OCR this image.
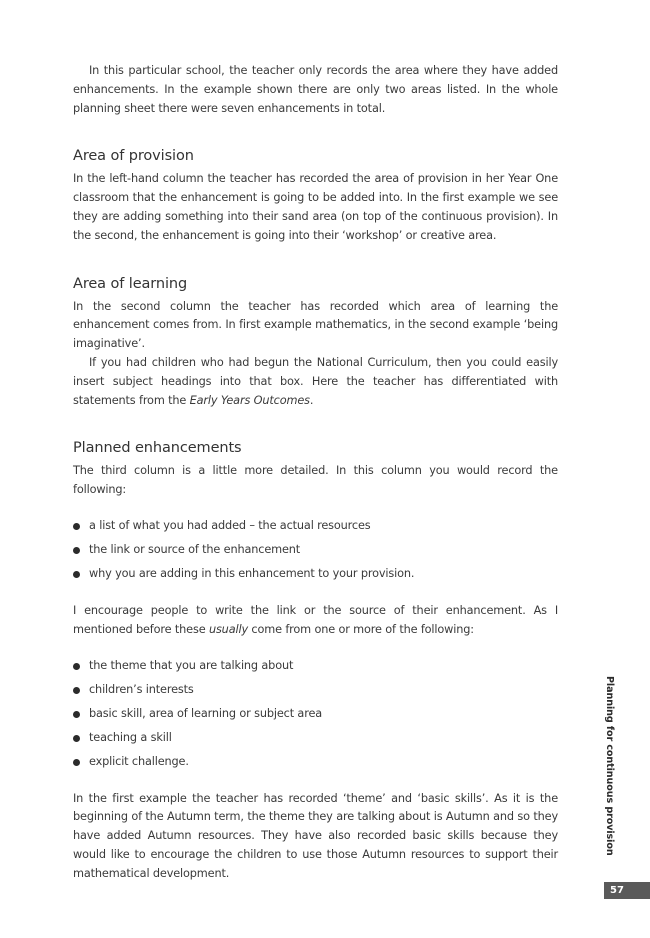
In this particular school, the teacher only records the area where they have added enhancements. In the example shown there are only two areas listed. In the whole planning sheet there were seven enhancements in total.

Area of provision

In the left-hand column the teacher has recorded the area of provision in her Year One classroom that the enhancement is going to be added into. In the first example we see they are adding something into their sand area (on top of the continuous provision). In the second, the enhancement is going into their ‘workshop’ or creative area.

Area of learning

In the second column the teacher has recorded which area of learning the enhancement comes from. In first example mathematics, in the second example ‘being imaginative’.

If you had children who had begun the National Curriculum, then you could easily insert subject headings into that box. Here the teacher has differentiated with statements from the Early Years Outcomes.

Planned enhancements

The third column is a little more detailed. In this column you would record the following:

a list of what you had added – the actual resources
the link or source of the enhancement
why you are adding in this enhancement to your provision.

I encourage people to write the link or the source of their enhancement. As I mentioned before these usually come from one or more of the following:

the theme that you are talking about
children’s interests
basic skill, area of learning or subject area
teaching a skill
explicit challenge.

In the first example the teacher has recorded ‘theme’ and ‘basic skills’. As it is the beginning of the Autumn term, the theme they are talking about is Autumn and so they have added Autumn resources. They have also recorded basic skills because they would like to encourage the children to use those Autumn resources to support their mathematical development.

Planning for continuous provision
57
